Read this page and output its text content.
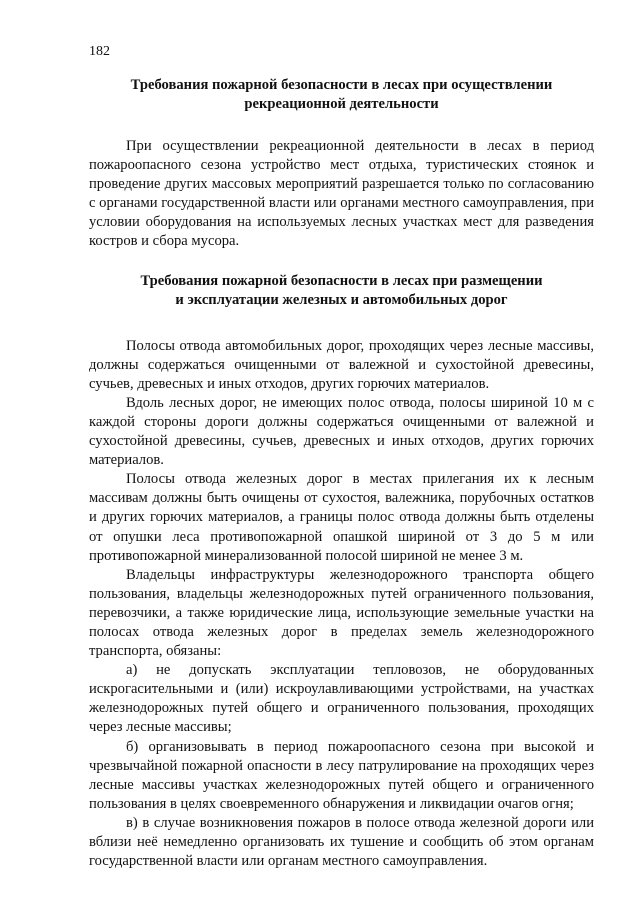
182
Требования пожарной безопасности в лесах при осуществлении
рекреационной деятельности

При осуществлении рекреационной деятельности в лесах в период пожароопасного сезона устройство мест отдыха, туристических стоянок и проведение других массовых мероприятий разрешается только по согласованию с органами государственной власти или органами местного самоуправления, при условии оборудования на используемых лесных участках мест для разведения костров и сбора мусора.

Требования пожарной безопасности в лесах при размещении
и эксплуатации железных и автомобильных дорог

Полосы отвода автомобильных дорог, проходящих через лесные массивы, должны содержаться очищенными от валежной и сухостойной древесины, сучьев, древесных и иных отходов, других горючих материалов.

Вдоль лесных дорог, не имеющих полос отвода, полосы шириной 10 м с каждой стороны дороги должны содержаться очищенными от валежной и сухостойной древесины, сучьев, древесных и иных отходов, других горючих материалов.

Полосы отвода железных дорог в местах прилегания их к лесным массивам должны быть очищены от сухостоя, валежника, порубочных остатков и других горючих материалов, а границы полос отвода должны быть отделены от опушки леса противопожарной опашкой шириной от 3 до 5 м или противопожарной минерализованной полосой шириной не менее 3 м.

Владельцы инфраструктуры железнодорожного транспорта общего пользования, владельцы железнодорожных путей ограниченного пользования, перевозчики, а также юридические лица, использующие земельные участки на полосах отвода железных дорог в пределах земель железнодорожного транспорта, обязаны:

а) не допускать эксплуатации тепловозов, не оборудованных искрогасительными и (или) искроулавливающими устройствами, на участках железнодорожных путей общего и ограниченного пользования, проходящих через лесные массивы;

б) организовывать в период пожароопасного сезона при высокой и чрезвычайной пожарной опасности в лесу патрулирование на проходящих через лесные массивы участках железнодорожных путей общего и ограниченного пользования в целях своевременного обнаружения и ликвидации очагов огня;

в) в случае возникновения пожаров в полосе отвода железной дороги или вблизи неё немедленно организовать их тушение и сообщить об этом органам государственной власти или органам местного самоуправления.
